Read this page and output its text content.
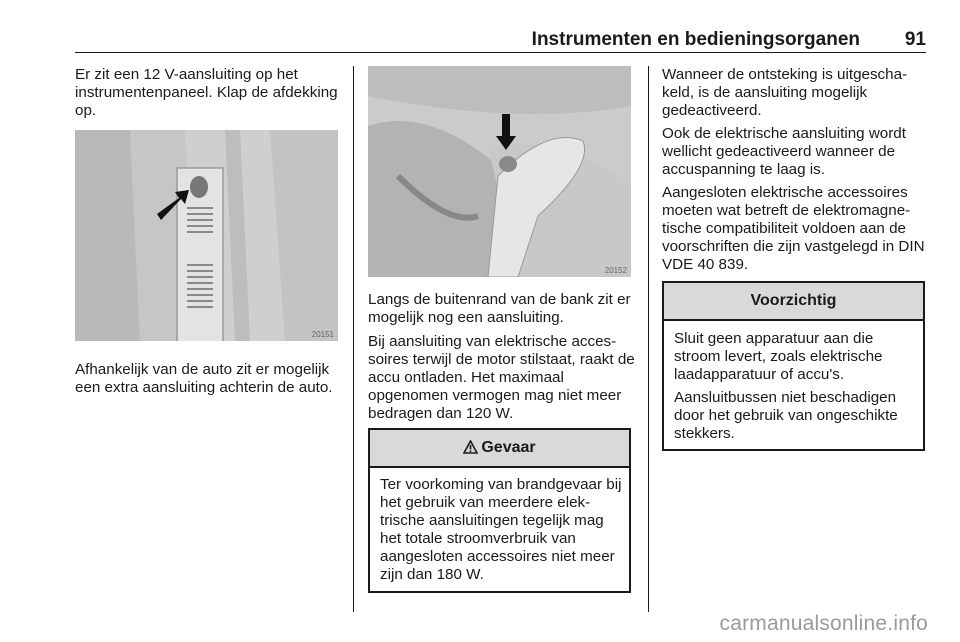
Instrumenten en bedieningsorganen 91

Er zit een 12 V-aansluiting op het instrumentenpaneel. Klap de afdekking op.

20151

Afhankelijk van de auto zit er mogelijk een extra aansluiting achterin de auto.

20152

Langs de buitenrand van de bank zit er mogelijk nog een aansluiting.

Bij aansluiting van elektrische accessoires terwijl de motor stilstaat, raakt de accu ontladen. Het maximaal opgenomen vermogen mag niet meer bedragen dan 120 W.

Gevaar

Ter voorkoming van brandgevaar bij het gebruik van meerdere elektrische aansluitingen tegelijk mag het totale stroomverbruik van aangesloten accessoires niet meer zijn dan 180 W.

Wanneer de ontsteking is uitgeschakeld, is de aansluiting mogelijk gedeactiveerd.

Ook de elektrische aansluiting wordt wellicht gedeactiveerd wanneer de accuspanning te laag is.

Aangesloten elektrische accessoires moeten wat betreft de elektromagnetische compatibiliteit voldoen aan de voorschriften die zijn vastgelegd in DIN VDE 40 839.

Voorzichtig

Sluit geen apparatuur aan die stroom levert, zoals elektrische laadapparatuur of accu's.

Aansluitbussen niet beschadigen door het gebruik van ongeschikte stekkers.

carmanualsonline.info
